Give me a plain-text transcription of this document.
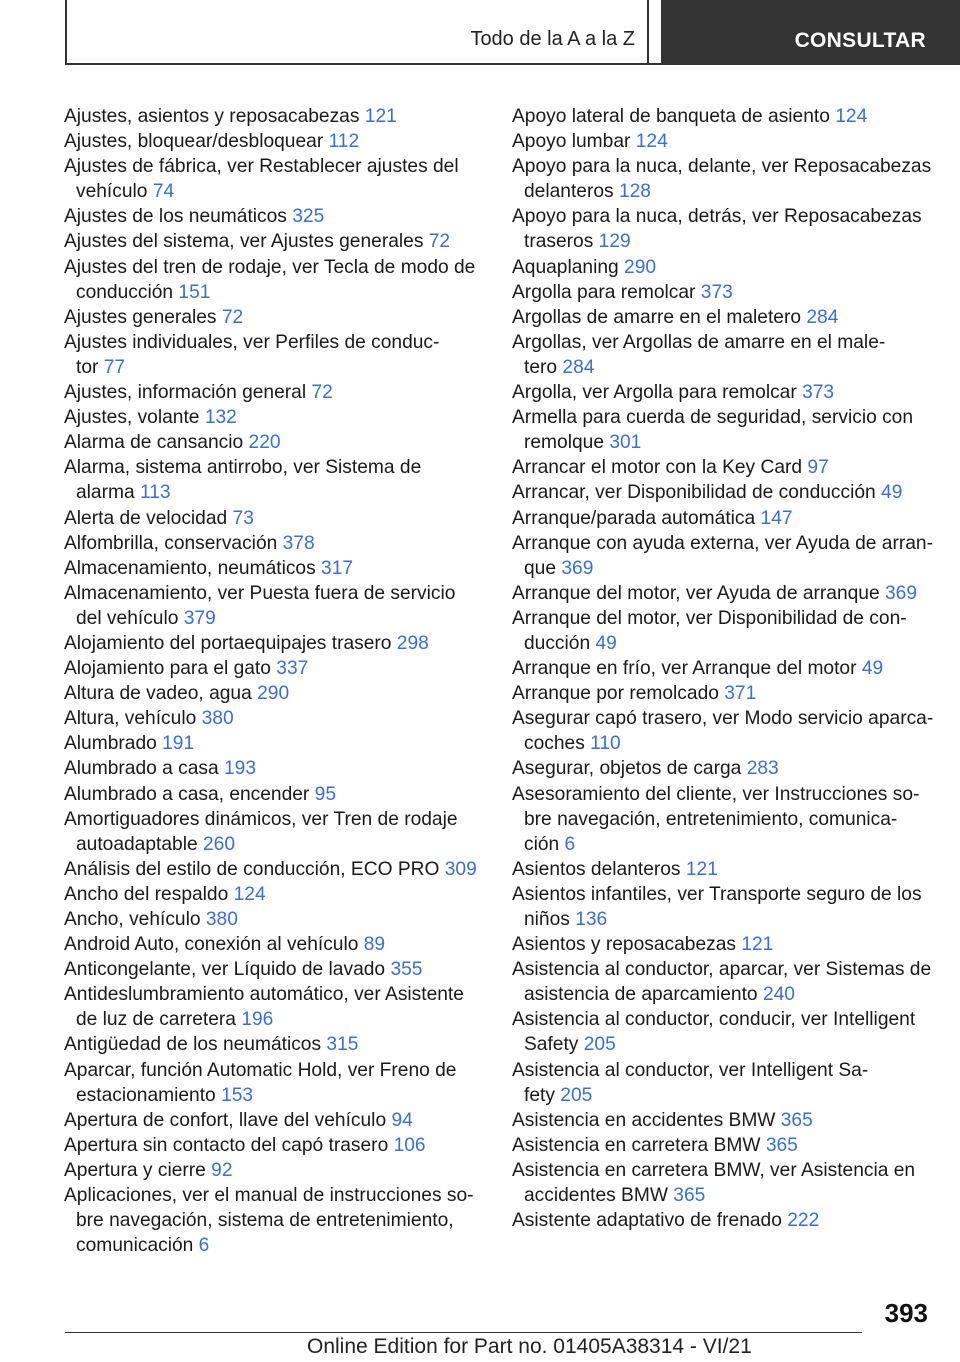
Todo de la A a la Z	CONSULTAR
Ajustes, asientos y reposacabezas 121
Ajustes, bloquear/desbloquear 112
Ajustes de fábrica, ver Restablecer ajustes del
vehículo 74
Ajustes de los neumáticos 325
Ajustes del sistema, ver Ajustes generales 72
Ajustes del tren de rodaje, ver Tecla de modo de
conducción 151
Ajustes generales 72
Ajustes individuales, ver Perfiles de conduc-
tor 77
Ajustes, información general 72
Ajustes, volante 132
Alarma de cansancio 220
Alarma, sistema antirrobo, ver Sistema de
alarma 113
Alerta de velocidad 73
Alfombrilla, conservación 378
Almacenamiento, neumáticos 317
Almacenamiento, ver Puesta fuera de servicio
del vehículo 379
Alojamiento del portaequipajes trasero 298
Alojamiento para el gato 337
Altura de vadeo, agua 290
Altura, vehículo 380
Alumbrado 191
Alumbrado a casa 193
Alumbrado a casa, encender 95
Amortiguadores dinámicos, ver Tren de rodaje
autoadaptable 260
Análisis del estilo de conducción, ECO PRO 309
Ancho del respaldo 124
Ancho, vehículo 380
Android Auto, conexión al vehículo 89
Anticongelante, ver Líquido de lavado 355
Antideslumbramiento automático, ver Asistente
de luz de carretera 196
Antigüedad de los neumáticos 315
Aparcar, función Automatic Hold, ver Freno de
estacionamiento 153
Apertura de confort, llave del vehículo 94
Apertura sin contacto del capó trasero 106
Apertura y cierre 92
Aplicaciones, ver el manual de instrucciones so-
bre navegación, sistema de entretenimiento,
comunicación 6
Apoyo lateral de banqueta de asiento 124
Apoyo lumbar 124
Apoyo para la nuca, delante, ver Reposacabezas
delanteros 128
Apoyo para la nuca, detrás, ver Reposacabezas
traseros 129
Aquaplaning 290
Argolla para remolcar 373
Argollas de amarre en el maletero 284
Argollas, ver Argollas de amarre en el male-
tero 284
Argolla, ver Argolla para remolcar 373
Armella para cuerda de seguridad, servicio con
remolque 301
Arrancar el motor con la Key Card 97
Arrancar, ver Disponibilidad de conducción 49
Arranque/parada automática 147
Arranque con ayuda externa, ver Ayuda de arran-
que 369
Arranque del motor, ver Ayuda de arranque 369
Arranque del motor, ver Disponibilidad de con-
ducción 49
Arranque en frío, ver Arranque del motor 49
Arranque por remolcado 371
Asegurar capó trasero, ver Modo servicio aparca-
coches 110
Asegurar, objetos de carga 283
Asesoramiento del cliente, ver Instrucciones so-
bre navegación, entretenimiento, comunica-
ción 6
Asientos delanteros 121
Asientos infantiles, ver Transporte seguro de los
niños 136
Asientos y reposacabezas 121
Asistencia al conductor, aparcar, ver Sistemas de
asistencia de aparcamiento 240
Asistencia al conductor, conducir, ver Intelligent
Safety 205
Asistencia al conductor, ver Intelligent Sa-
fety 205
Asistencia en accidentes BMW 365
Asistencia en carretera BMW 365
Asistencia en carretera BMW, ver Asistencia en
accidentes BMW 365
Asistente adaptativo de frenado 222
393
Online Edition for Part no. 01405A38314 - VI/21
